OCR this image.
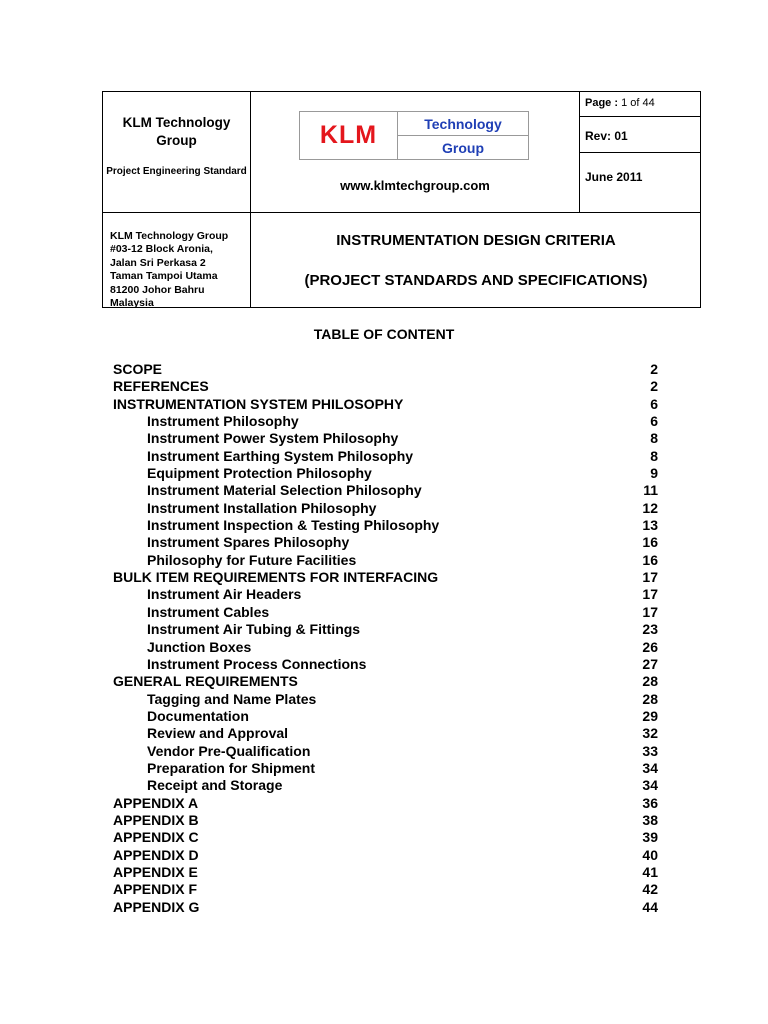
KLM Technology Group
Project Engineering Standard
KLM	Technology
Group
www.klmtechgroup.com
Page : 1 of 44
Rev: 01
June 2011
KLM Technology Group
#03-12 Block Aronia,
Jalan Sri Perkasa 2
Taman Tampoi Utama
81200 Johor Bahru
Malaysia
INSTRUMENTATION DESIGN CRITERIA
(PROJECT STANDARDS AND SPECIFICATIONS)
TABLE OF CONTENT
SCOPE	2
REFERENCES	2
INSTRUMENTATION SYSTEM PHILOSOPHY	6
Instrument Philosophy	6
Instrument Power System Philosophy	8
Instrument Earthing System Philosophy	8
Equipment Protection Philosophy	9
Instrument Material Selection Philosophy	11
Instrument Installation Philosophy	12
Instrument Inspection & Testing Philosophy	13
Instrument Spares Philosophy	16
Philosophy for Future Facilities	16
BULK ITEM REQUIREMENTS FOR INTERFACING	17
Instrument Air Headers	17
Instrument Cables	17
Instrument Air Tubing & Fittings	23
Junction Boxes	26
Instrument Process Connections	27
GENERAL REQUIREMENTS	28
Tagging and Name Plates	28
Documentation	29
Review and Approval	32
Vendor Pre-Qualification	33
Preparation for Shipment	34
Receipt and Storage	34
APPENDIX A	36
APPENDIX B	38
APPENDIX C	39
APPENDIX D	40
APPENDIX E	41
APPENDIX F	42
APPENDIX G	44
